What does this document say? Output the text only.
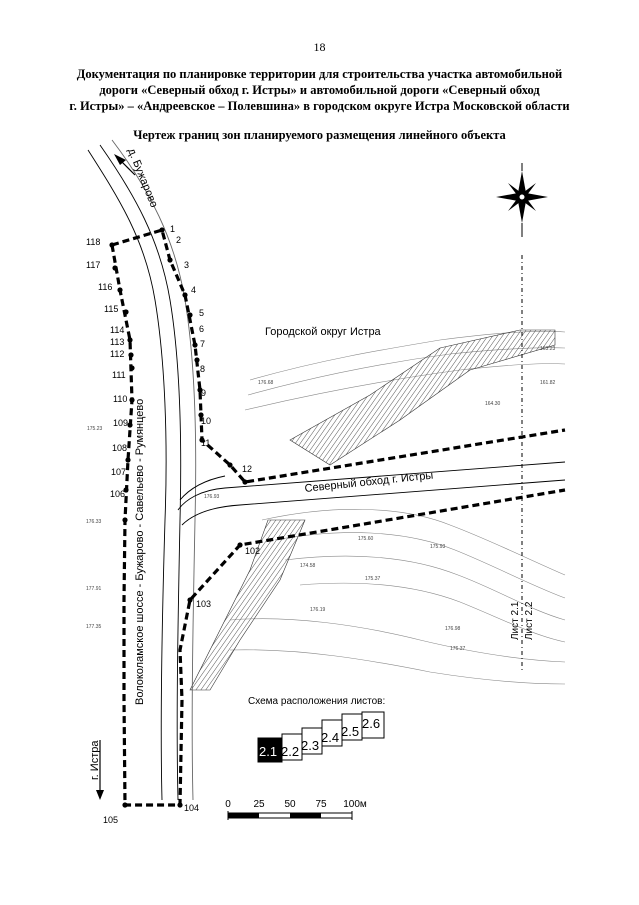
18
Документация по планировке территории для строительства участка автомобильной
дороги «Северный обход г. Истры» и автомобильной дороги «Северный обход
г. Истры» – «Андреевское – Полевшина» в городском округе Истра Московской области
Чертеж границ зон планируемого размещения линейного объекта
1
2
3
4
5
6
7
8
9
10
11
12
118
117
116
115
114
113
112
111
110
109
108
107
106
105
104
103
102
176.68
175.23
176.33
177.91
177.35
175.60
174.58
176.19
175.37
176.37
163.23
161.82
164.30
176.93
176.98
175.93
д. Бужарово
г. Истра
Городской округ Истра
Северный обход г. Истры
Волоколамское шоссе - Бужарово - Савельево - Румянцево	Лист 2.1 Лист 2.2
Схема расположения листов:
2.1 2.2 2.3
2.4 2.5
2.6
0 25 50 75 100м
